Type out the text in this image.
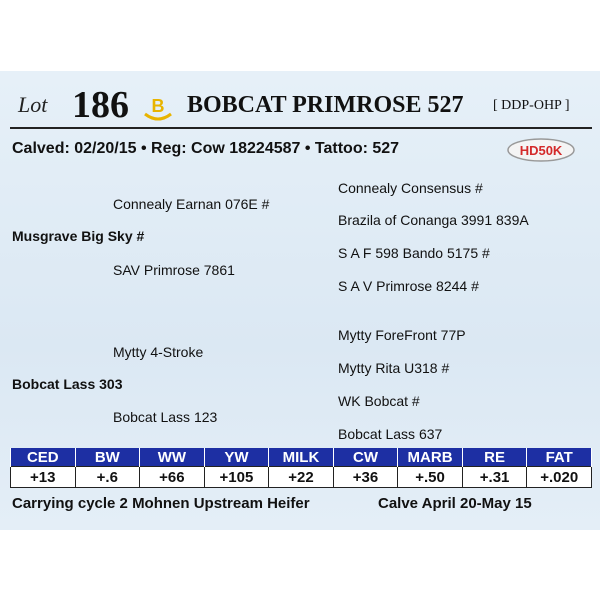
Lot 186 B BOBCAT PRIMROSE 527 [ DDP-OHP ]
Calved: 02/20/15 • Reg: Cow 18224587 • Tattoo: 527	HD50K
Connealy Consensus #
Connealy Earnan 076E #
Brazila of Conanga 3991 839A
Musgrave Big Sky #
S A F 598 Bando 5175 #
SAV Primrose 7861
S A V Primrose 8244 #
Mytty ForeFront 77P
Mytty 4-Stroke
Mytty Rita U318 #
Bobcat Lass 303
WK Bobcat #
Bobcat Lass 123
Bobcat Lass 637
CED	BW	WW	YW	MILK	CW	MARB	RE	FAT
+13	+.6	+66	+105	+22	+36	+.50	+.31	+.020
Carrying cycle 2 Mohnen Upstream Heifer	Calve April 20-May 15
